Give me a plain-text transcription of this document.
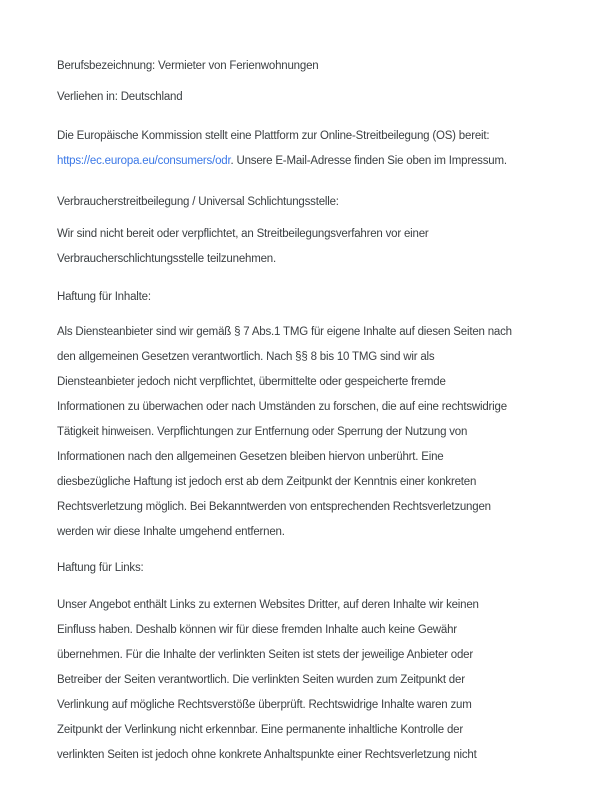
Berufsbezeichnung: Vermieter von Ferienwohnungen
Verliehen in: Deutschland
Die Europäische Kommission stellt eine Plattform zur Online-Streitbeilegung (OS) bereit:
https://ec.europa.eu/consumers/odr. Unsere E-Mail-Adresse finden Sie oben im Impressum.
Verbraucherstreitbeilegung / Universal Schlichtungsstelle:
Wir sind nicht bereit oder verpflichtet, an Streitbeilegungsverfahren vor einer
Verbraucherschlichtungsstelle teilzunehmen.
Haftung für Inhalte:
Als Diensteanbieter sind wir gemäß § 7 Abs.1 TMG für eigene Inhalte auf diesen Seiten nach
den allgemeinen Gesetzen verantwortlich. Nach §§ 8 bis 10 TMG sind wir als
Diensteanbieter jedoch nicht verpflichtet, übermittelte oder gespeicherte fremde
Informationen zu überwachen oder nach Umständen zu forschen, die auf eine rechtswidrige
Tätigkeit hinweisen. Verpflichtungen zur Entfernung oder Sperrung der Nutzung von
Informationen nach den allgemeinen Gesetzen bleiben hiervon unberührt. Eine
diesbezügliche Haftung ist jedoch erst ab dem Zeitpunkt der Kenntnis einer konkreten
Rechtsverletzung möglich. Bei Bekanntwerden von entsprechenden Rechtsverletzungen
werden wir diese Inhalte umgehend entfernen.
Haftung für Links:
Unser Angebot enthält Links zu externen Websites Dritter, auf deren Inhalte wir keinen
Einfluss haben. Deshalb können wir für diese fremden Inhalte auch keine Gewähr
übernehmen. Für die Inhalte der verlinkten Seiten ist stets der jeweilige Anbieter oder
Betreiber der Seiten verantwortlich. Die verlinkten Seiten wurden zum Zeitpunkt der
Verlinkung auf mögliche Rechtsverstöße überprüft. Rechtswidrige Inhalte waren zum
Zeitpunkt der Verlinkung nicht erkennbar. Eine permanente inhaltliche Kontrolle der
verlinkten Seiten ist jedoch ohne konkrete Anhaltspunkte einer Rechtsverletzung nicht
